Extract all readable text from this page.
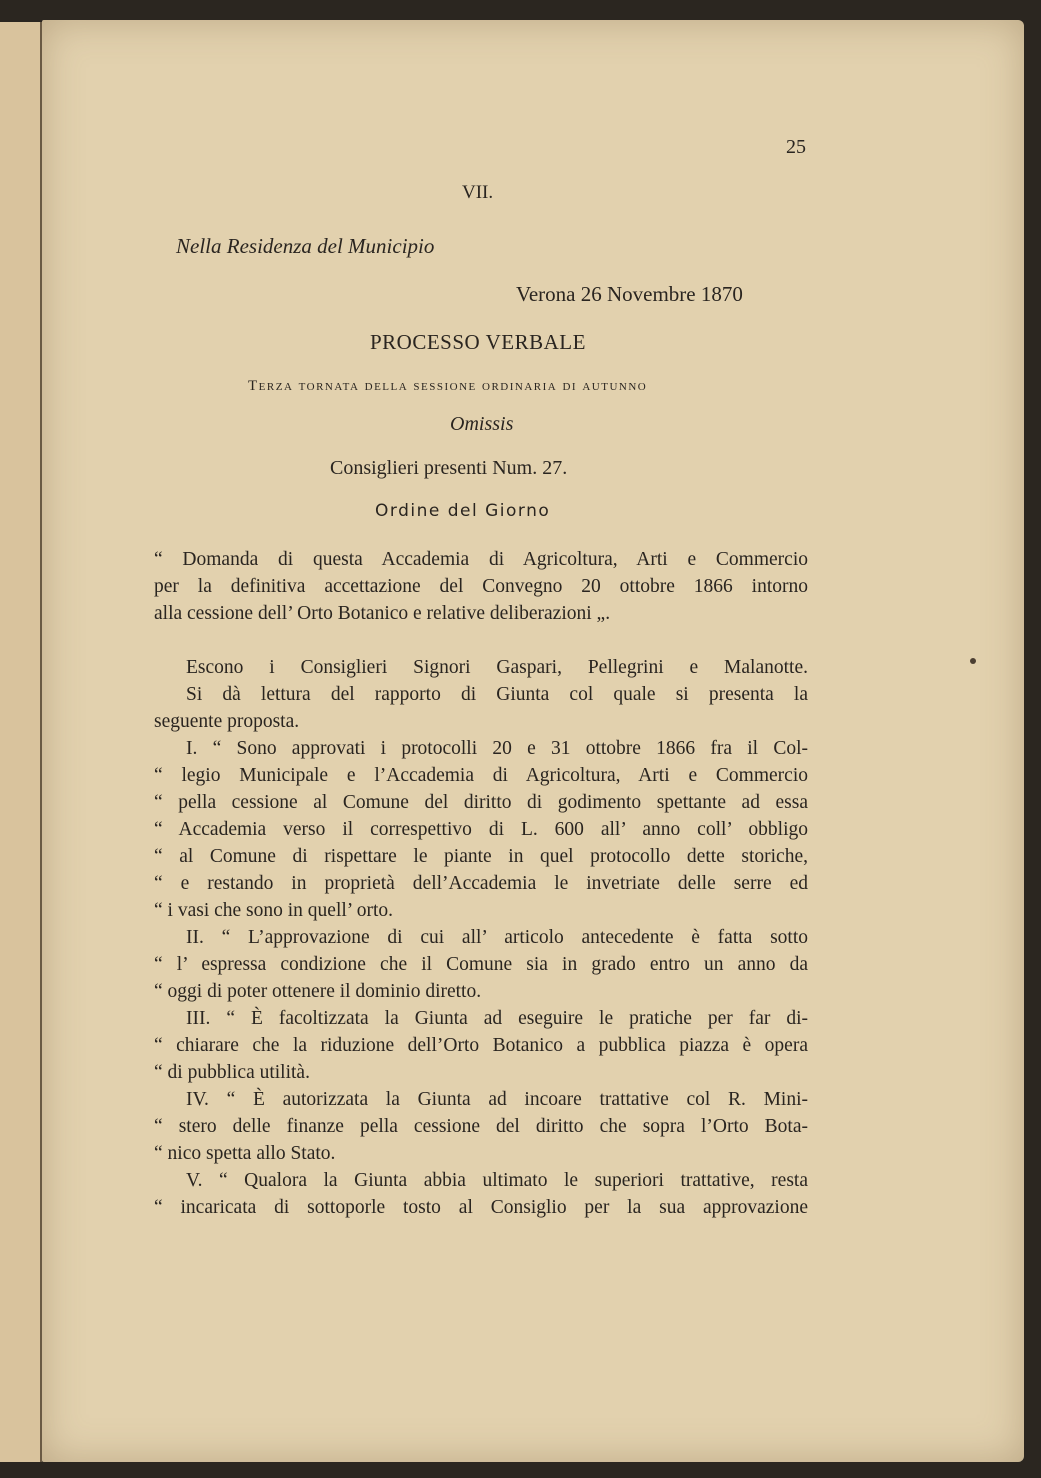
25
VII.
Nella Residenza del Municipio
Verona 26 Novembre 1870
PROCESSO VERBALE
Terza tornata della sessione ordinaria di autunno
Omissis
Consiglieri presenti Num. 27.
Ordine del Giorno
“ Domanda di questa Accademia di Agricoltura, Arti e Commercio
per la definitiva accettazione del Convegno 20 ottobre 1866 intorno
alla cessione dell’ Orto Botanico e relative deliberazioni „.
Escono i Consiglieri Signori Gaspari, Pellegrini e Malanotte.
Si dà lettura del rapporto di Giunta col quale si presenta la
seguente proposta.
I. “ Sono approvati i protocolli 20 e 31 ottobre 1866 fra il Col-
“ legio Municipale e l’Accademia di Agricoltura, Arti e Commercio
“ pella cessione al Comune del diritto di godimento spettante ad essa
“ Accademia verso il correspettivo di L. 600 all’ anno coll’ obbligo
“ al Comune di rispettare le piante in quel protocollo dette storiche,
“ e restando in proprietà dell’Accademia le invetriate delle serre ed
“ i vasi che sono in quell’ orto.
II. “ L’approvazione di cui all’ articolo antecedente è fatta sotto
“ l’ espressa condizione che il Comune sia in grado entro un anno da
“ oggi di poter ottenere il dominio diretto.
III. “ È facoltizzata la Giunta ad eseguire le pratiche per far di-
“ chiarare che la riduzione dell’Orto Botanico a pubblica piazza è opera
“ di pubblica utilità.
IV. “ È autorizzata la Giunta ad incoare trattative col R. Mini-
“ stero delle finanze pella cessione del diritto che sopra l’Orto Bota-
“ nico spetta allo Stato.
V. “ Qualora la Giunta abbia ultimato le superiori trattative, resta
“ incaricata di sottoporle tosto al Consiglio per la sua approvazione
